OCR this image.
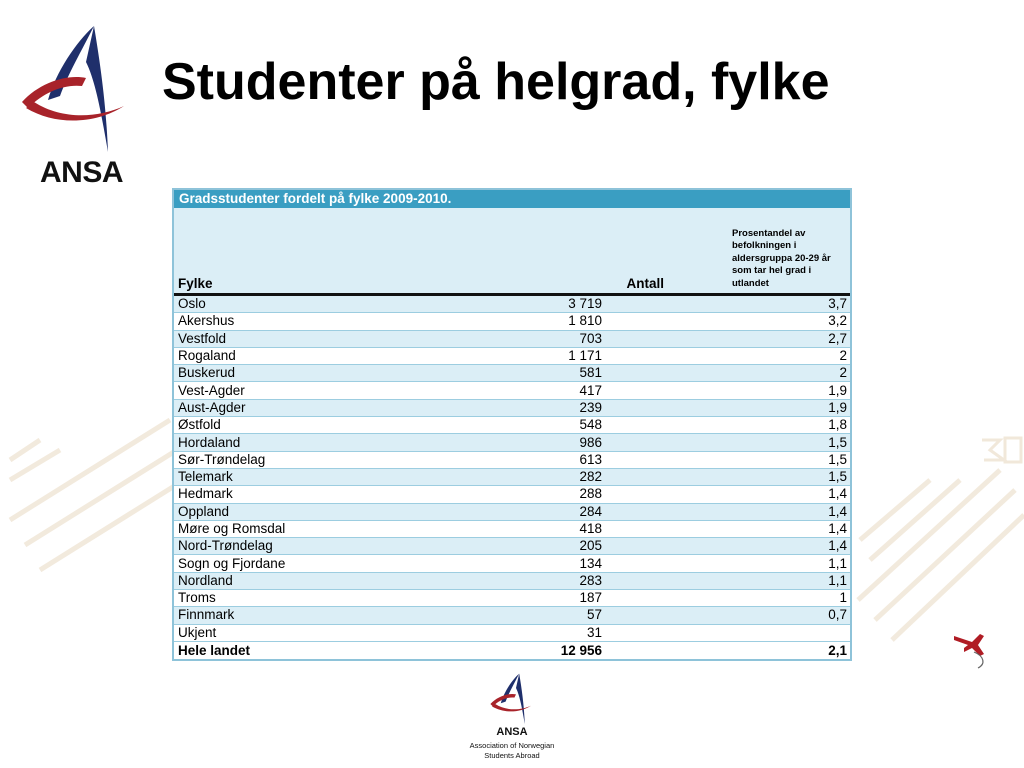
ANSA
Studenter på helgrad, fylke
Gradsstudenter fordelt på fylke 2009-2010.
Fylke	Antall	Prosentandel av befolkningen i aldersgruppa 20-29 år som tar hel grad i utlandet
Oslo	3 719	3,7
Akershus	1 810	3,2
Vestfold	703	2,7
Rogaland	1 171	2
Buskerud	581	2
Vest-Agder	417	1,9
Aust-Agder	239	1,9
Østfold	548	1,8
Hordaland	986	1,5
Sør-Trøndelag	613	1,5
Telemark	282	1,5
Hedmark	288	1,4
Oppland	284	1,4
Møre og Romsdal	418	1,4
Nord-Trøndelag	205	1,4
Sogn og Fjordane	134	1,1
Nordland	283	1,1
Troms	187	1
Finnmark	57	0,7
Ukjent	31	
Hele landet	12 956	2,1
ANSA
Association of Norwegian
Students Abroad
